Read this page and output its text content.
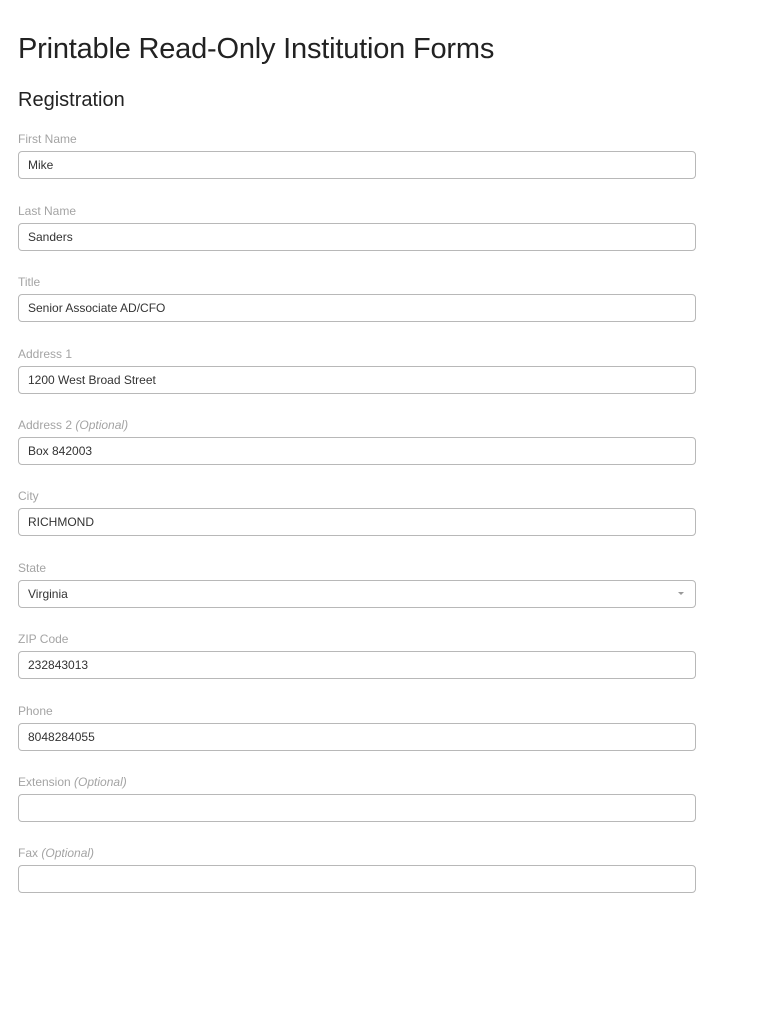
Printable Read-Only Institution Forms
Registration
First Name
Mike
Last Name
Sanders
Title
Senior Associate AD/CFO
Address 1
1200 West Broad Street
Address 2 (Optional)
Box 842003
City
RICHMOND
State
Virginia
ZIP Code
232843013
Phone
8048284055
Extension (Optional)
Fax (Optional)
